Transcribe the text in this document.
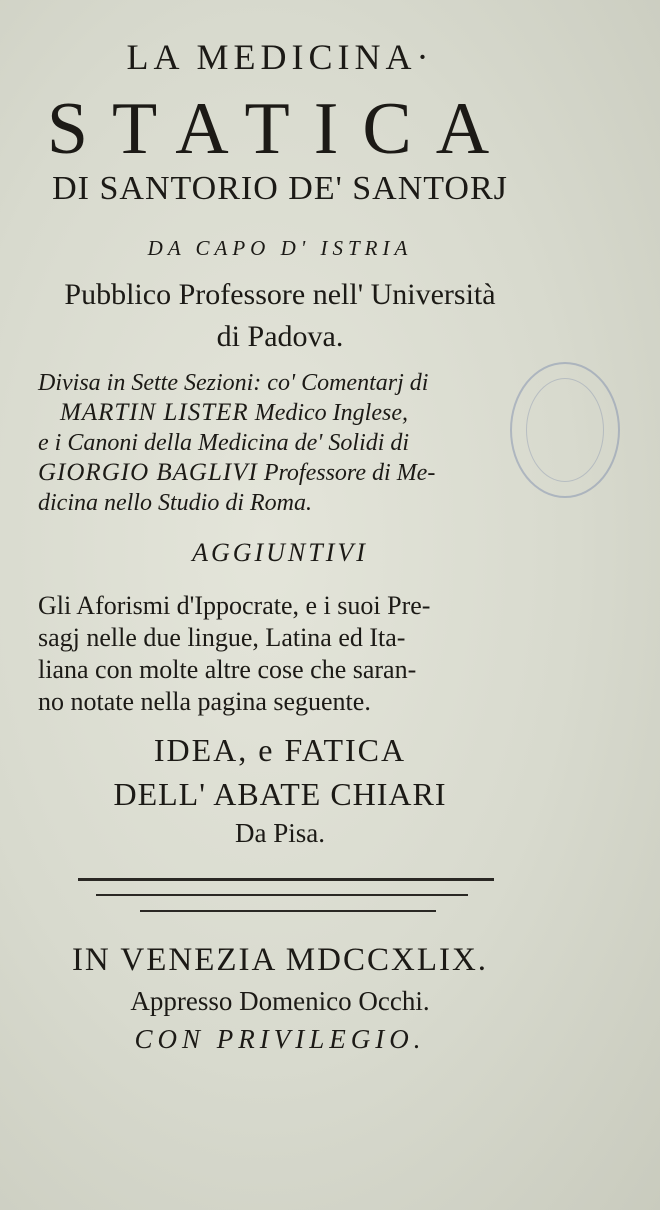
LA MEDICINA·
STATICA
DI SANTORIO DE' SANTORJ
DA CAPO D' ISTRIA
Pubblico Professore nell' Università
di Padova.
Divisa in Sette Sezioni: co' Comentarj di
MARTIN LISTER Medico Inglese,
e i Canoni della Medicina de' Solidi di
GIORGIO BAGLIVI Professore di Me-
dicina nello Studio di Roma.
AGGIUNTIVI
Gli Aforismi d'Ippocrate, e i suoi Pre-
sagj nelle due lingue, Latina ed Ita-
liana con molte altre cose che saran-
no notate nella pagina seguente.
IDEA, e FATICA
DELL' ABATE CHIARI
Da Pisa.
IN VENEZIA MDCCXLIX.
Appresso Domenico Occhi.
CON PRIVILEGIO.
